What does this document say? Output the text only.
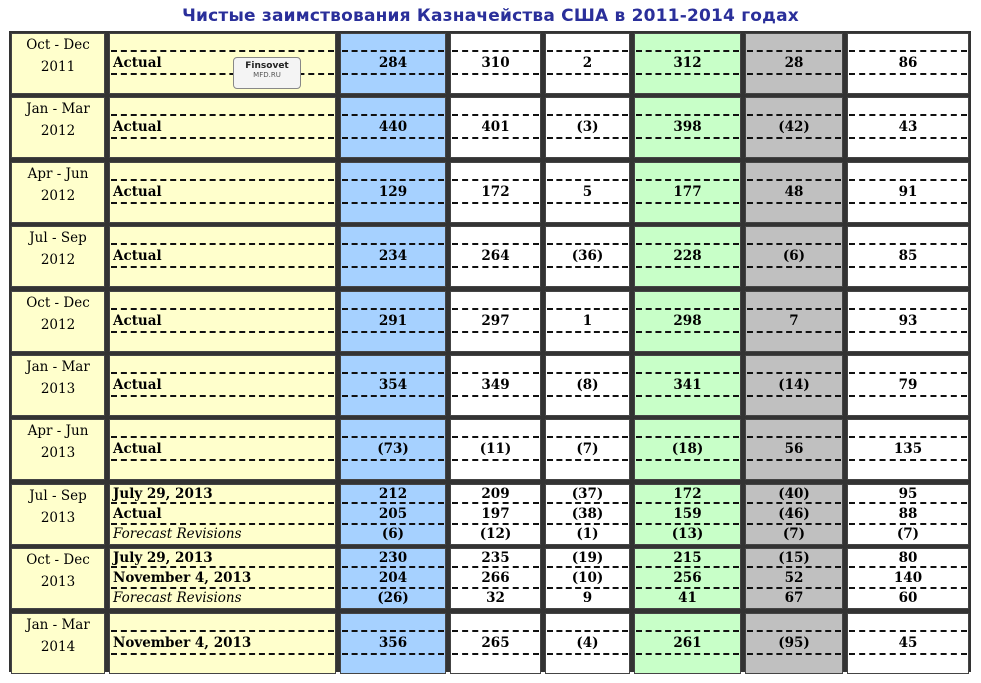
Чистые заимствования Казначейства США в 2011-2014 годах
Oct - Dec
2011	Actual	284	310	2	312	28	86
Jan - Mar
2012	Actual	440	401	(3)	398	(42)	43
Apr - Jun
2012	Actual	129	172	5	177	48	91
Jul - Sep
2012	Actual	234	264	(36)	228	(6)	85
Oct - Dec
2012	Actual	291	297	1	298	7	93
Jan - Mar
2013	Actual	354	349	(8)	341	(14)	79
Apr - Jun
2013	Actual	(73)	(11)	(7)	(18)	56	135
Jul - Sep
2013
July 29, 2013	212	209	(37)	172	(40)	95
Actual	205	197	(38)	159	(46)	88
Forecast Revisions	(6)	(12)	(1)	(13)	(7)	(7)
Oct - Dec
2013
July 29, 2013	230	235	(19)	215	(15)	80
November 4, 2013	204	266	(10)	256	52	140
Forecast Revisions	(26)	32	9	41	67	60
Jan - Mar
2014	November 4, 2013	356	265	(4)	261	(95)	45
Finsovet
MFD.RU
